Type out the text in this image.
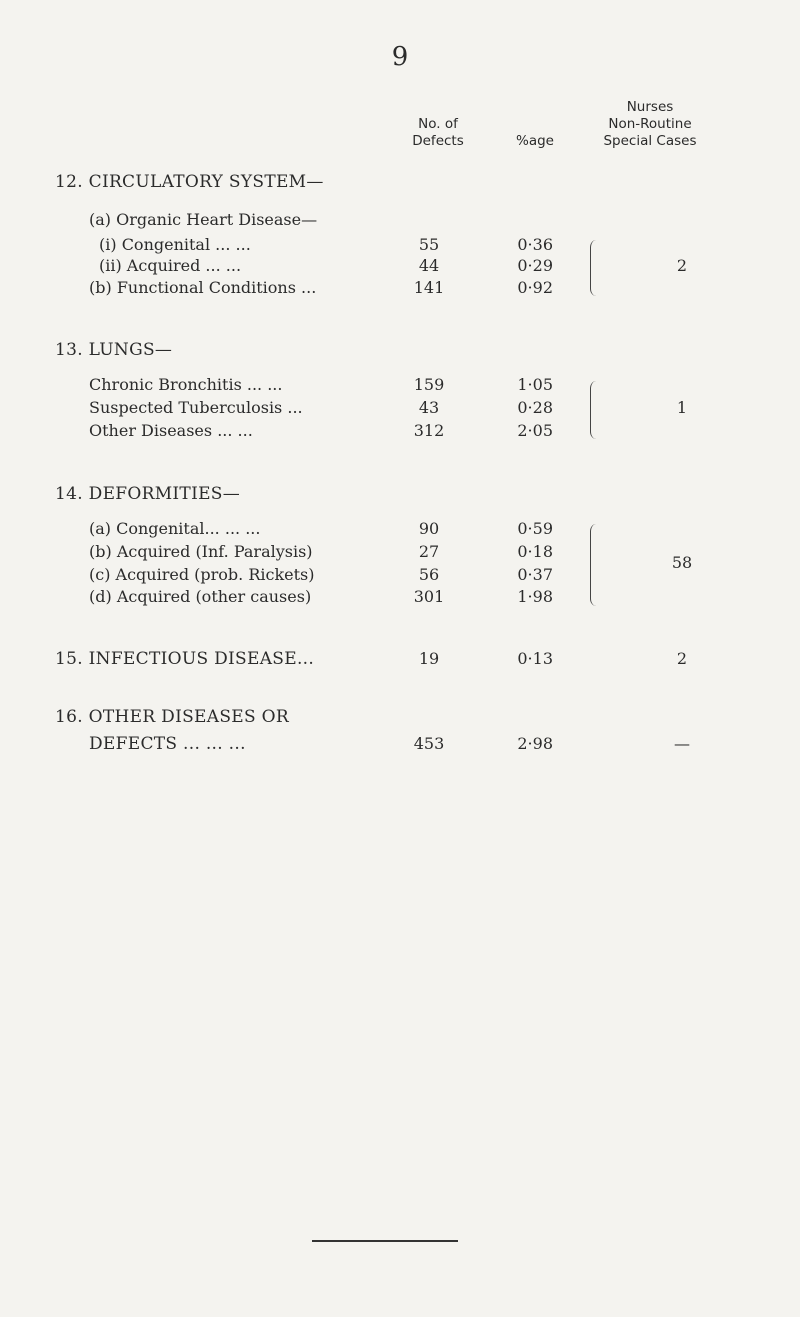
9
No. of
Defects	%age
Nurses
Non-Routine
Special Cases
12. CIRCULATORY SYSTEM—
(a) Organic Heart Disease—
(i) Congenital ... ...	55	0·36
(ii) Acquired ... ...	44	0·29
(b) Functional Conditions ...	141	0·92
2
13. LUNGS—
Chronic Bronchitis ... ...	159	1·05
Suspected Tuberculosis ...	43	0·28
Other Diseases ... ...	312	2·05
1
14. DEFORMITIES—
(a) Congenital... ... ...	90	0·59
(b) Acquired (Inf. Paralysis)	27	0·18
(c) Acquired (prob. Rickets)	56	0·37
(d) Acquired (other causes)	301	1·98
58
15. INFECTIOUS DISEASE...	19	0·13	2
16. OTHER DISEASES OR
DEFECTS ... ... ...	453	2·98	—
